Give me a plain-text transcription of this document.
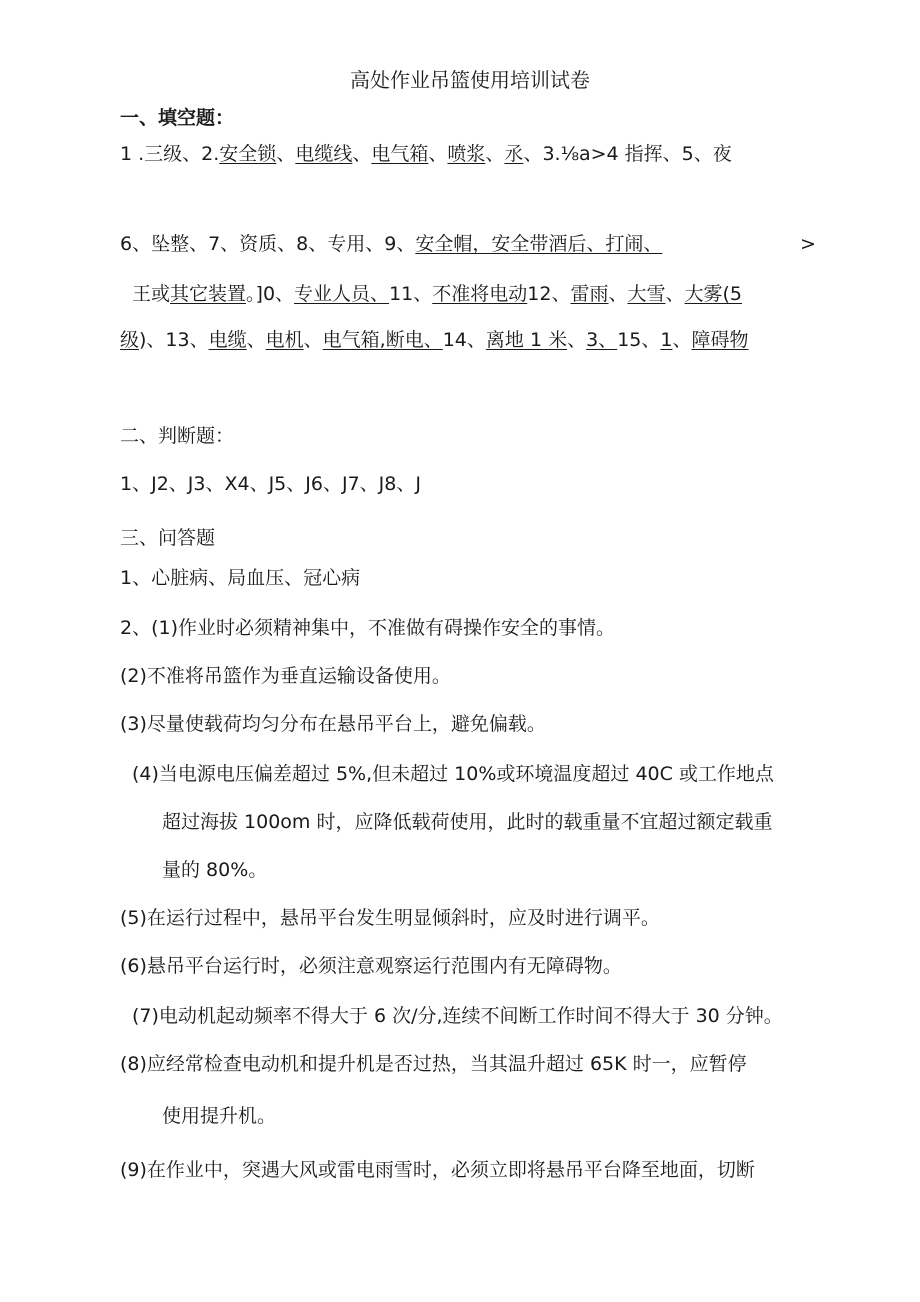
高处作业吊篮使用培训试卷
一、填空题：
1 .三级、2.安全锁、电缆线、电气箱、喷浆、氶、3.⅛a>4 指挥、5、夜
6、坠整、7、资质、8、专用、9、安全帽，安全带酒后、打闹、	>
王或其它装置。]0、专业人员、11、不准将电动12、雷雨、大雪、大雾(5
级)、13、电缆、电机、电气箱,断电、14、离地 1 米、3、15、1、障碍物
二、判断题：
1、J2、J3、X4、J5、J6、J7、J8、J
三、问答题
1、心脏病、局血压、冠心病
2、(1)作业时必须精神集中，不准做有碍操作安全的事情。
(2)不准将吊篮作为垂直运输设备使用。
(3)尽量使载荷均匀分布在悬吊平台上，避免偏载。
(4)当电源电压偏差超过 5%,但未超过 10%或环境温度超过 40C 或工作地点
超过海拔 100om 时，应降低载荷使用，此时的载重量不宜超过额定载重
量的 80%。
(5)在运行过程中，悬吊平台发生明显倾斜时，应及时进行调平。
(6)悬吊平台运行时，必须注意观察运行范围内有无障碍物。
(7)电动机起动频率不得大于 6 次/分,连续不间断工作时间不得大于 30 分钟。
(8)应经常检查电动机和提升机是否过热，当其温升超过 65K 时一，应暂停
使用提升机。
(9)在作业中，突遇大风或雷电雨雪时，必须立即将悬吊平台降至地面，切断
